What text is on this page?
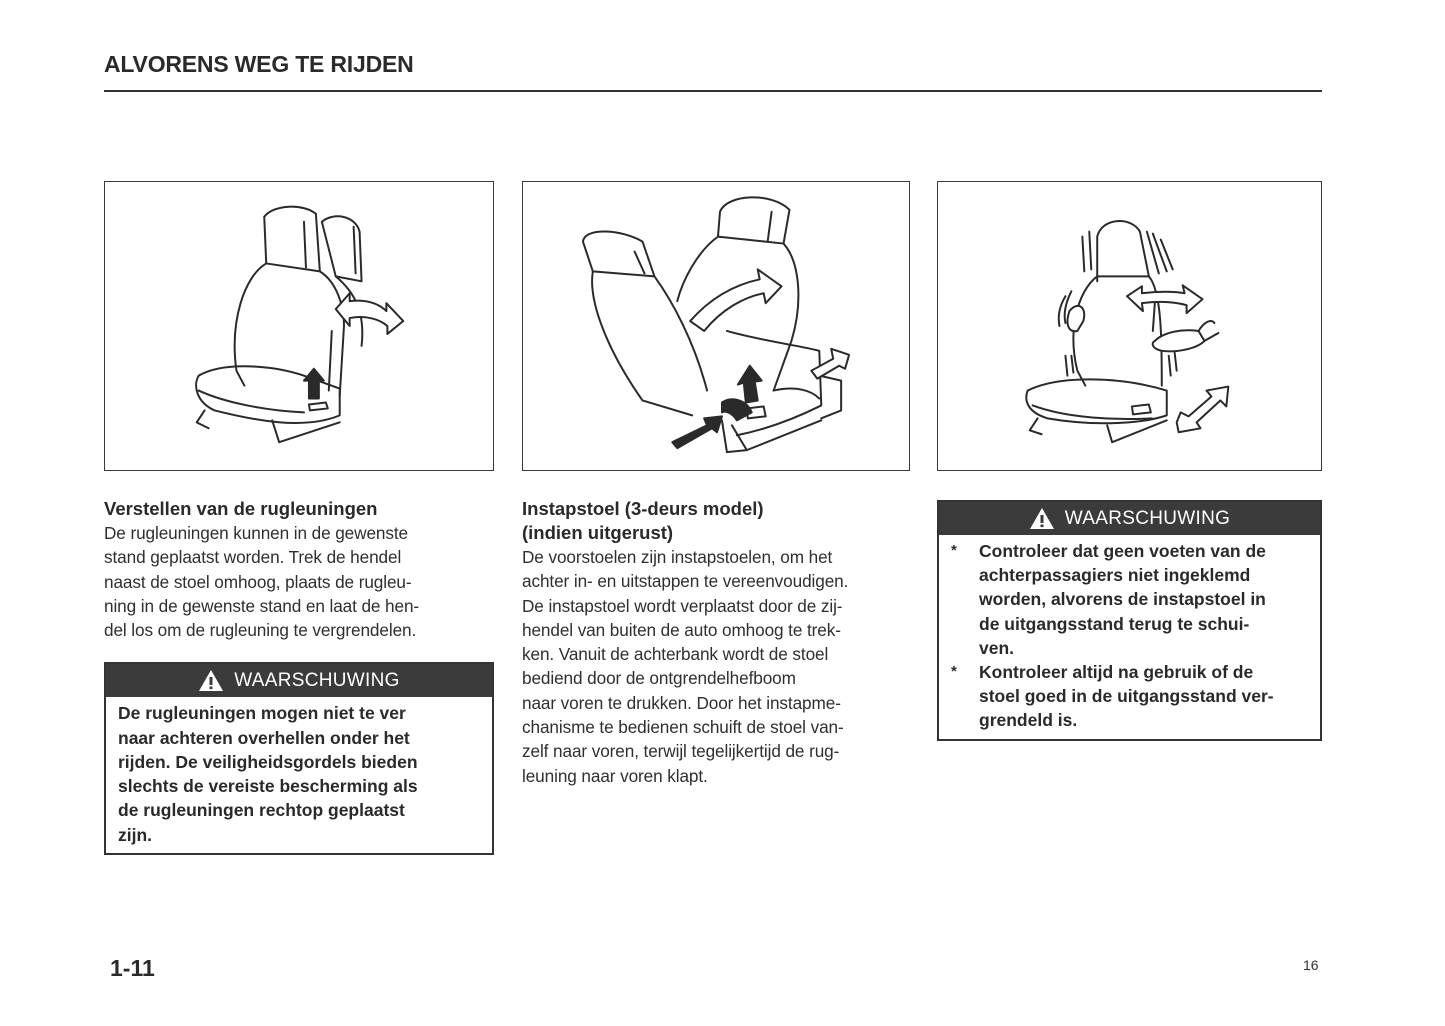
ALVORENS WEG TE RIJDEN
Verstellen van de rugleuningen
De rugleuningen kunnen in de gewenste
stand geplaatst worden. Trek de hendel
naast de stoel omhoog, plaats de rugleu-
ning in de gewenste stand en laat de hen-
del los om de rugleuning te vergrendelen.
WAARSCHUWING
De rugleuningen mogen niet te ver
naar achteren overhellen onder het
rijden. De veiligheidsgordels bieden
slechts de vereiste bescherming als
de rugleuningen rechtop geplaatst
zijn.
Instapstoel (3-deurs model)
(indien uitgerust)
De voorstoelen zijn instapstoelen, om het
achter in- en uitstappen te vereenvoudigen.
De instapstoel wordt verplaatst door de zij-
hendel van buiten de auto omhoog te trek-
ken. Vanuit de achterbank wordt de stoel
bediend door de ontgrendelhefboom
naar voren te drukken. Door het instapme-
chanisme te bedienen schuift de stoel van-
zelf naar voren, terwijl tegelijkertijd de rug-
leuning naar voren klapt.
WAARSCHUWING
* Controleer dat geen voeten van de
achterpassagiers niet ingeklemd
worden, alvorens de instapstoel in
de uitgangsstand terug te schui-
ven.
* Kontroleer altijd na gebruik of de
stoel goed in de uitgangsstand ver-
grendeld is.
1-11	16
